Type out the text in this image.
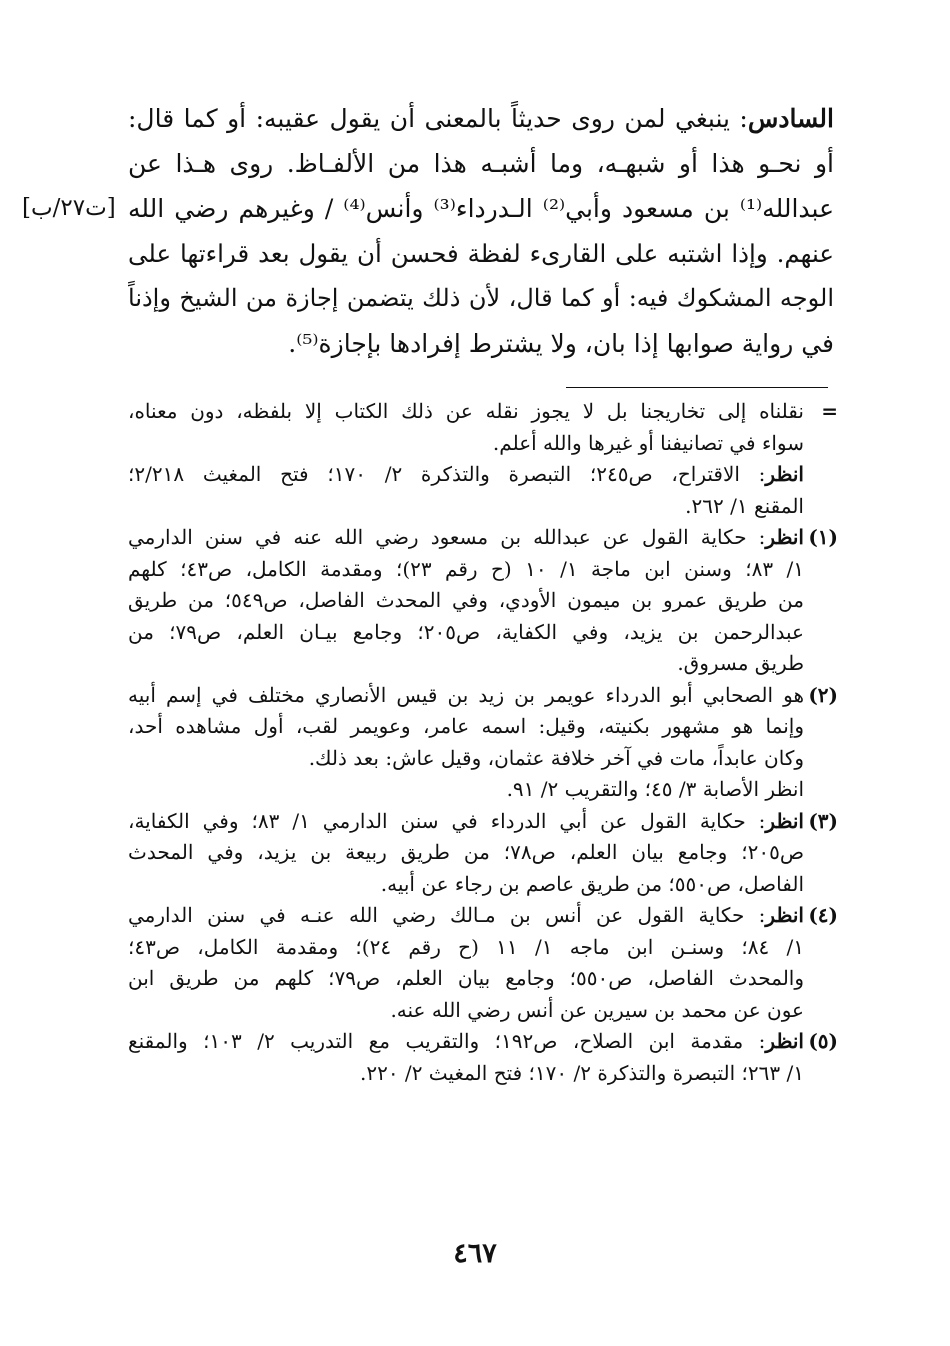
السادس: ينبغي لمن روى حديثاً بالمعنى أن يقول عقيبه: أو كما قال:
أو نحـو هذا أو شبهـه، وما أشبـه هذا من الألفـاظ. روى هـذا عن
عبدالله⁽¹⁾ بن مسعود وأبي⁽²⁾ الـدرداء⁽³⁾ وأنس⁽⁴⁾ / وغيرهم رضي الله
عنهم. وإذا اشتبه على القارىء لفظة فحسن أن يقول بعد قراءتها على
الوجه المشكوك فيه: أو كما قال، لأن ذلك يتضمن إجازة من الشيخ وإذناً
في رواية صوابها إذا بان، ولا يشترط إفرادها بإجازة⁽⁵⁾.
[ت٢٧/ب]
=
نقلناه إلى تخاريجنا بل لا يجوز نقله عن ذلك الكتاب إلا بلفظه، دون معناه،
سواء في تصانيفنا أو غيرها والله أعلم.
انظر: الاقتراح، ص٢٤٥؛ التبصرة والتذكرة ٢/ ١٧٠؛ فتح المغيث ٢/٢١٨؛
المقنع ١/ ٢٦٢.
(١)
انظر: حكاية القول عن عبدالله بن مسعود رضي الله عنه في سنن الدارمي
١/ ٨٣؛ وسنن ابن ماجة ١/ ١٠ (ح رقم ٢٣)؛ ومقدمة الكامل، ص٤٣؛ كلهم
من طريق عمرو بن ميمون الأودي، وفي المحدث الفاصل، ص٥٤٩؛ من طريق
عبدالرحمن بن يزيد، وفي الكفاية، ص٢٠٥؛ وجامع بيـان العلم، ص٧٩؛ من
طريق مسروق.
(٢)
هو الصحابي أبو الدرداء عويمر بن زيد بن قيس الأنصاري مختلف في إسم أبيه
وإنما هو مشهور بكنيته، وقيل: اسمه عامر، وعويمر لقب، أول مشاهده أحد،
وكان عابداً، مات في آخر خلافة عثمان، وقيل عاش: بعد ذلك.
انظر الأصابة ٣/ ٤٥؛ والتقريب ٢/ ٩١.
(٣)
انظر: حكاية القول عن أبي الدرداء في سنن الدارمي ١/ ٨٣؛ وفي الكفاية،
ص٢٠٥؛ وجامع بيان العلم، ص٧٨؛ من طريق ربيعة بن يزيد، وفي المحدث
الفاصل، ص٥٥٠؛ من طريق عاصم بن رجاء عن أبيه.
(٤)
انظر: حكاية القول عن أنس بن مـالك رضي الله عنـه في سنن الدارمي
١/ ٨٤؛ وسنـن ابن ماجه ١/ ١١ (ح رقم ٢٤)؛ ومقدمة الكامل، ص٤٣؛
والمحدث الفاصل، ص٥٥٠؛ وجامع بيان العلم، ص٧٩؛ كلهم من طريق ابن
عون عن محمد بن سيرين عن أنس رضي الله عنه.
(٥)
انظر: مقدمة ابن الصلاح، ص١٩٢؛ والتقريب مع التدريب ٢/ ١٠٣؛ والمقنع
١/ ٢٦٣؛ التبصرة والتذكرة ٢/ ١٧٠؛ فتح المغيث ٢/ ٢٢٠.
٤٦٧
